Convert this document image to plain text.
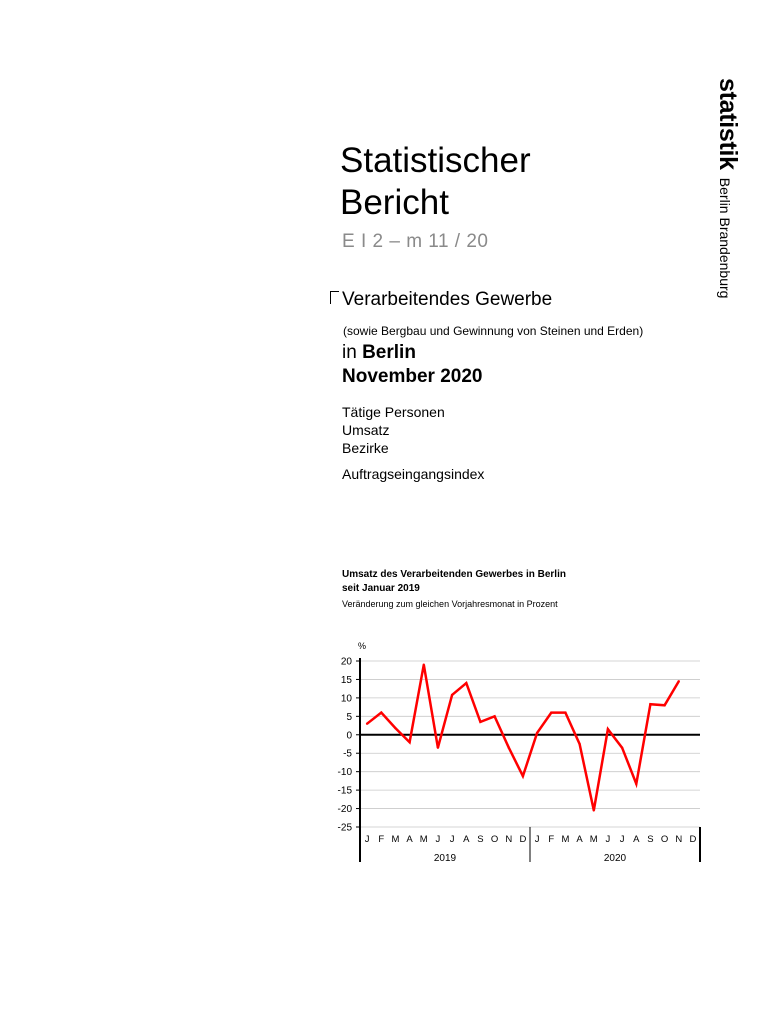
statistikBerlin Brandenburg
Statistischer
Bericht
E I 2 – m 11 / 20
Verarbeitendes Gewerbe
(sowie Bergbau und Gewinnung von Steinen und Erden)
in Berlin
November 2020
Tätige Personen
Umsatz
Bezirke
Auftragseingangsindex
Umsatz des Verarbeitenden Gewerbes in Berlin
seit Januar 2019
Veränderung zum gleichen Vorjahresmonat in Prozent
20
15
10
5
0
-5
-10
-15
-20
-25
%
J F M A M J J A S O N D J F M A M J J A S O N D
2019	2020
